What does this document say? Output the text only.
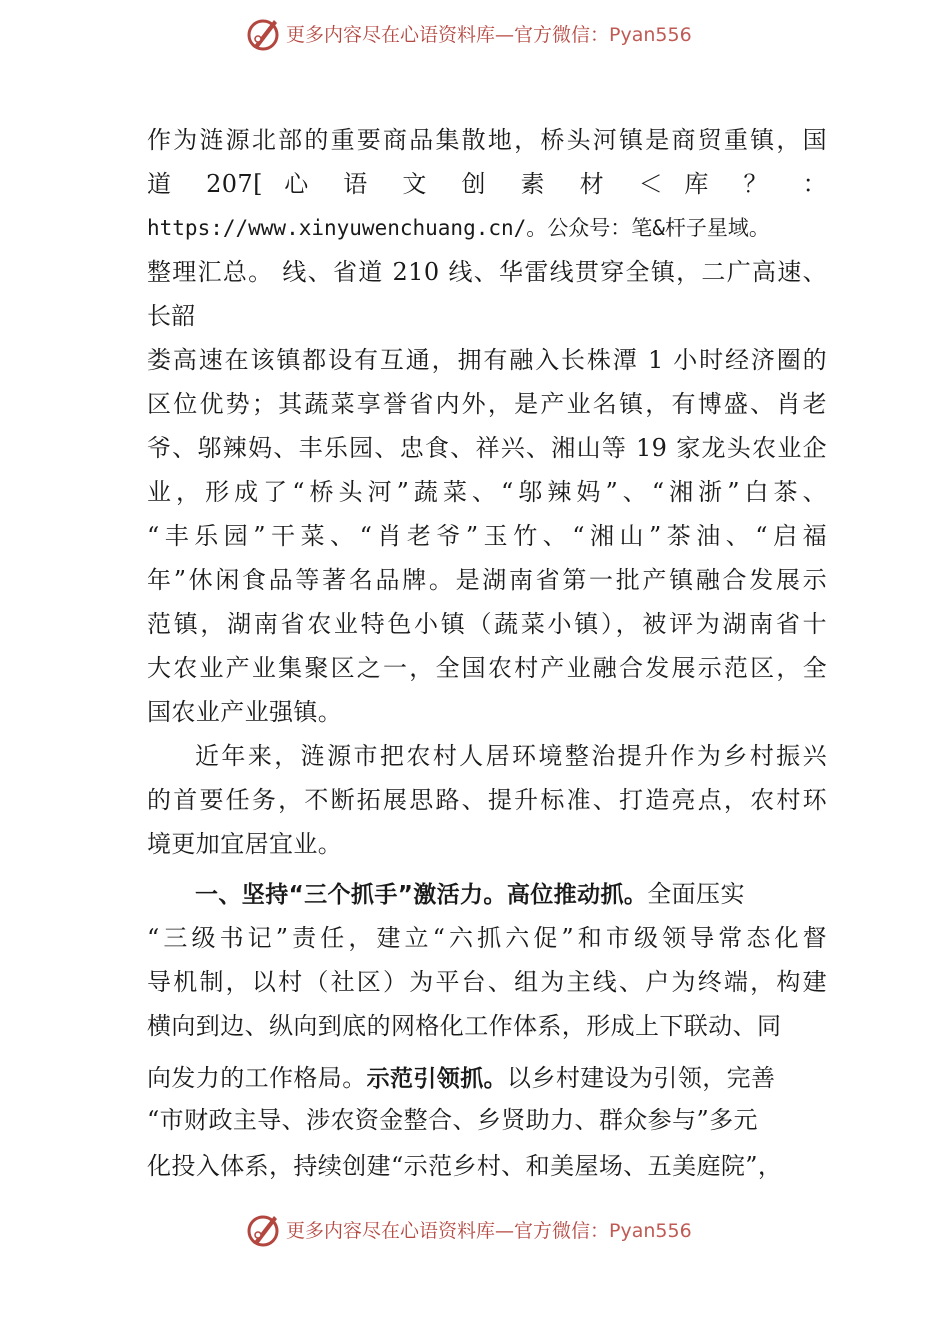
更多内容尽在心语资料库—官方微信：Pyan556
作为涟源北部的重要商品集散地，桥头河镇是商贸重镇，国
道 207[ 心 语 文 创 素 材 ＜ 库 ？ ：
https://www.xinyuwenchuang.cn/。公众号：笔&杆子星域。
整理汇总。 线、省道 210 线、华雷线贯穿全镇，二广高速、
长韶
娄高速在该镇都设有互通，拥有融入长株潭 1 小时经济圈的
区位优势；其蔬菜享誉省内外，是产业名镇，有博盛、肖老
爷、邬辣妈、丰乐园、忠食、祥兴、湘山等 19 家龙头农业企
业，形成了“桥头河”蔬菜、“邬辣妈”、“湘浙”白茶、
“丰乐园”干菜、“肖老爷”玉竹、“湘山”茶油、“启福
年”休闲食品等著名品牌。是湖南省第一批产镇融合发展示
范镇，湖南省农业特色小镇（蔬菜小镇），被评为湖南省十
大农业产业集聚区之一，全国农村产业融合发展示范区，全
国农业产业强镇。
近年来，涟源市把农村人居环境整治提升作为乡村振兴
的首要任务，不断拓展思路、提升标准、打造亮点，农村环
境更加宜居宜业。
一、坚持“三个抓手”激活力。高位推动抓。全面压实
“三级书记”责任，建立“六抓六促”和市级领导常态化督
导机制，以村（社区）为平台、组为主线、户为终端，构建
横向到边、纵向到底的网格化工作体系，形成上下联动、同
向发力的工作格局。示范引领抓。以乡村建设为引领，完善
“市财政主导、涉农资金整合、乡贤助力、群众参与”多元
化投入体系，持续创建“示范乡村、和美屋场、五美庭院”，
更多内容尽在心语资料库—官方微信：Pyan556
